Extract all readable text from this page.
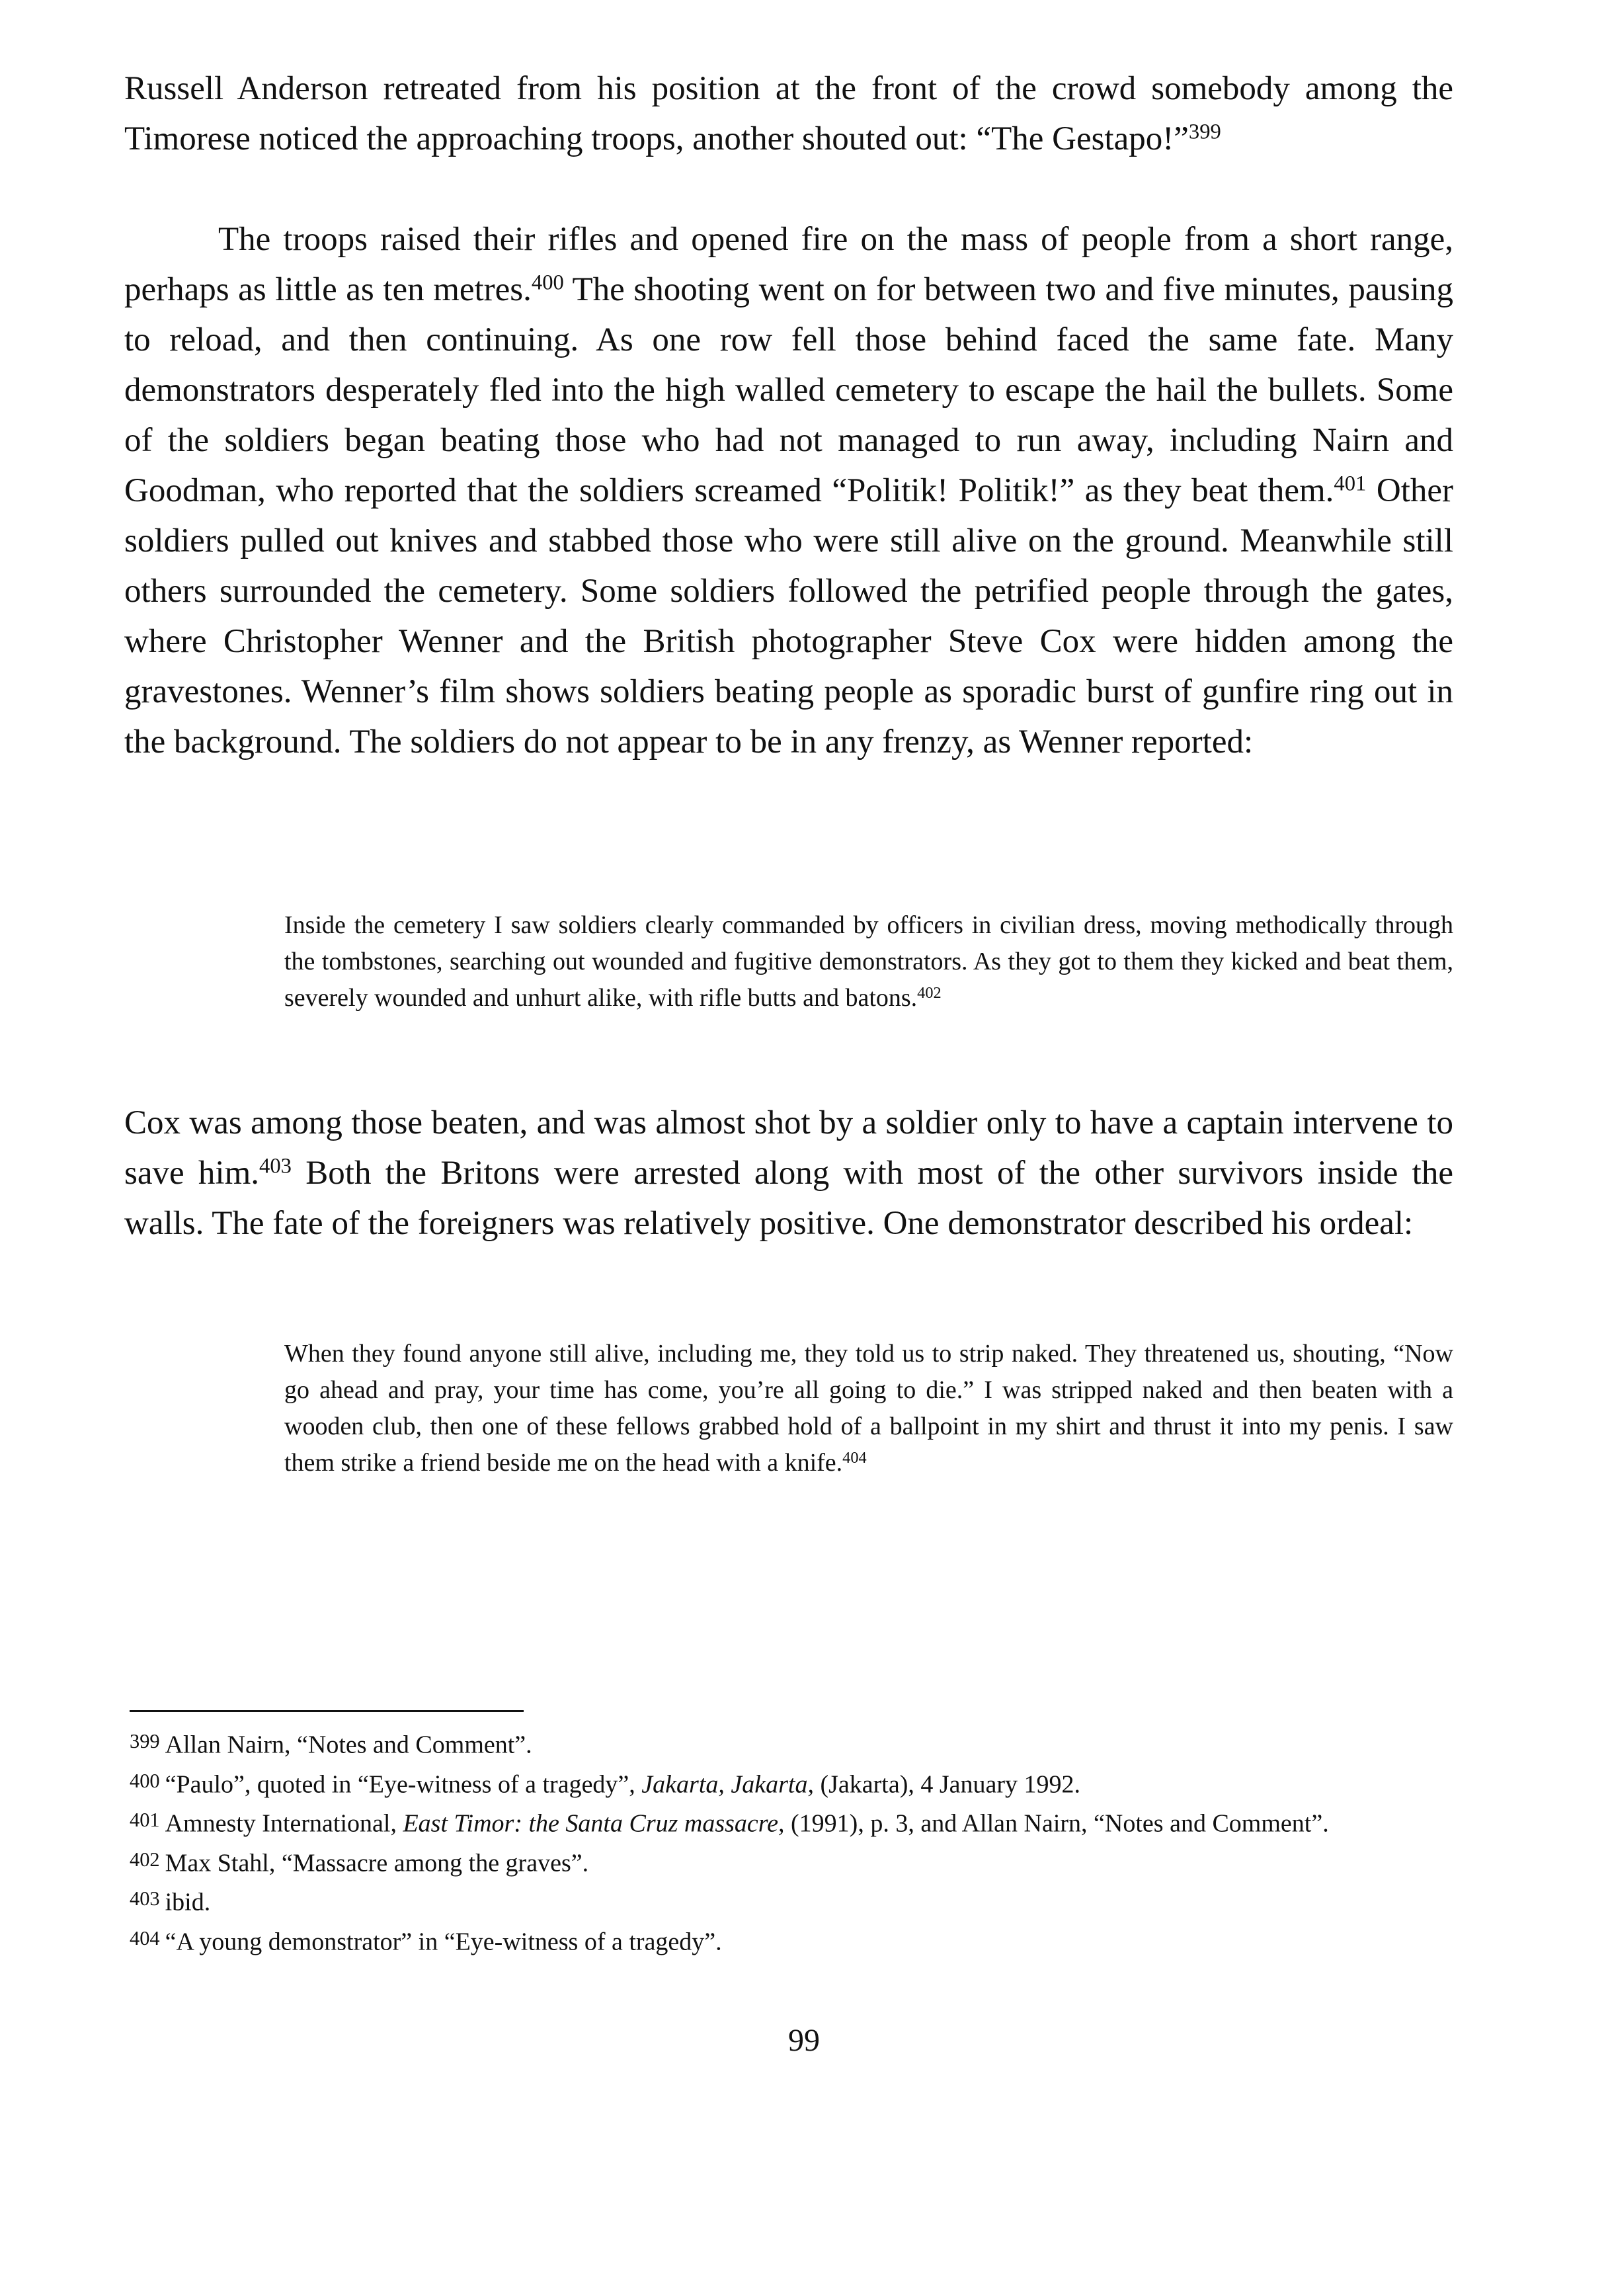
Russell Anderson retreated from his position at the front of the crowd somebody among the Timorese noticed the approaching troops, another shouted out: “The Gestapo!”$^{399}$

The troops raised their rifles and opened fire on the mass of people from a short range, perhaps as little as ten metres.$^{400}$ The shooting went on for between two and five minutes, pausing to reload, and then continuing. As one row fell those behind faced the same fate. Many demonstrators desperately fled into the high walled cemetery to escape the hail the bullets. Some of the soldiers began beating those who had not managed to run away, including Nairn and Goodman, who reported that the soldiers screamed “Politik! Politik!” as they beat them.$^{401}$ Other soldiers pulled out knives and stabbed those who were still alive on the ground. Meanwhile still others surrounded the cemetery. Some soldiers followed the petrified people through the gates, where Christopher Wenner and the British photographer Steve Cox were hidden among the gravestones. Wenner’s film shows soldiers beating people as sporadic burst of gunfire ring out in the background. The soldiers do not appear to be in any frenzy, as Wenner reported:

Inside the cemetery I saw soldiers clearly commanded by officers in civilian dress, moving methodically through the tombstones, searching out wounded and fugitive demonstrators. As they got to them they kicked and beat them, severely wounded and unhurt alike, with rifle butts and batons.$^{402}$

Cox was among those beaten, and was almost shot by a soldier only to have a captain intervene to save him.$^{403}$ Both the Britons were arrested along with most of the other survivors inside the walls. The fate of the foreigners was relatively positive. One demonstrator described his ordeal:

When they found anyone still alive, including me, they told us to strip naked. They threatened us, shouting, “Now go ahead and pray, your time has come, you’re all going to die.” I was stripped naked and then beaten with a wooden club, then one of these fellows grabbed hold of a ballpoint in my shirt and thrust it into my penis. I saw them strike a friend beside me on the head with a knife.$^{404}$

399 Allan Nairn, “Notes and Comment”.

400 “Paulo”, quoted in “Eye-witness of a tragedy”, Jakarta, Jakarta, (Jakarta), 4 January 1992.

401 Amnesty International, East Timor: the Santa Cruz massacre, (1991), p. 3, and Allan Nairn, “Notes and Comment”.

402 Max Stahl, “Massacre among the graves”.

403 ibid.

404 “A young demonstrator” in “Eye-witness of a tragedy”.

99
